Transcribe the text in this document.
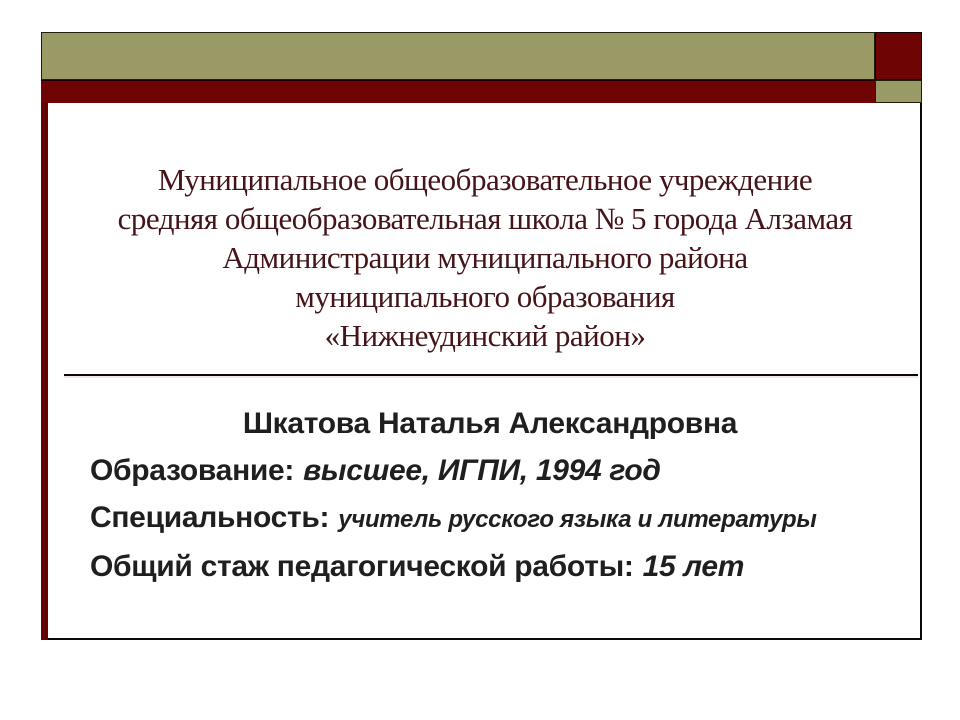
Муниципальное общеобразовательное учреждение
средняя общеобразовательная школа № 5 города Алзамая
Администрации муниципального района
муниципального образования
«Нижнеудинский район»
Шкатова Наталья Александровна
Образование: высшее, ИГПИ, 1994 год
Специальность: учитель русского языка и литературы
Общий стаж педагогической работы: 15 лет
